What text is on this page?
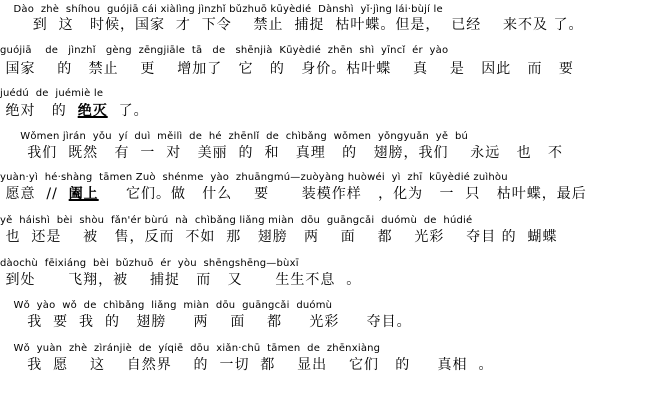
Dào  zhè  shíhou  guójiā cái xiàlìng jìnzhǐ bǔzhuō kūyèdié  Dànshì  yǐ·jìng lái·bùjí le

到  这   时候，国家  才  下令    禁止  捕捉  枯叶蝶。但是，  已经    来不及 了。

guójiā    de   jìnzhǐ   gèng  zēngjiāle  tā   de   shēnjià  Kūyèdié  zhēn  shì  yīncǐ  ér  yào

国家    的   禁止    更    增加了   它   的   身价。枯叶蝶    真    是   因此   而   要

juédú  de  juémiè le

绝对   的  绝灭  了。

Wǒmen jìrán  yǒu  yí  duì  měilì  de  hé  zhēnlǐ  de  chìbǎng  wǒmen  yǒngyuǎn  yě  bú

我们  既然   有  一  对   美丽  的  和   真理   的   翅膀，我们    永远   也   不

yuàn·yì  hé·shàng  tāmen Zuò  shénme  yào  zhuāngmú—zuòyàng huòwéi  yì  zhī  kūyèdié zuìhòu

愿意  //  阖上     它们。做   什么    要      装模作样   ，化为   一  只   枯叶蝶，最后

yě  háishì  bèi  shòu  fǎn'ér bùrú  nà  chìbǎng liǎng miàn  dōu  guāngcǎi  duómù  de  húdié

也  还是    被   售，反而  不如  那   翅膀   两    面    都    光彩    夺目 的  蝴蝶

dàochù  fēixiáng  bèi  bǔzhuō  ér  yòu  shēngshēng—bùxī

到处      飞翔，被    捕捉   而   又      生生不息  。

Wǒ  yào  wǒ  de  chìbǎng  liǎng  miàn  dōu  guāngcǎi  duómù

我  要  我  的   翅膀     两    面    都     光彩     夺目。

Wǒ  yuàn  zhè  zìránjiè  de  yíqiē  dōu  xiǎn·chū  tāmen  de  zhēnxiàng

我  愿    这    自然界    的  一切  都    显出    它们   的     真相  。
